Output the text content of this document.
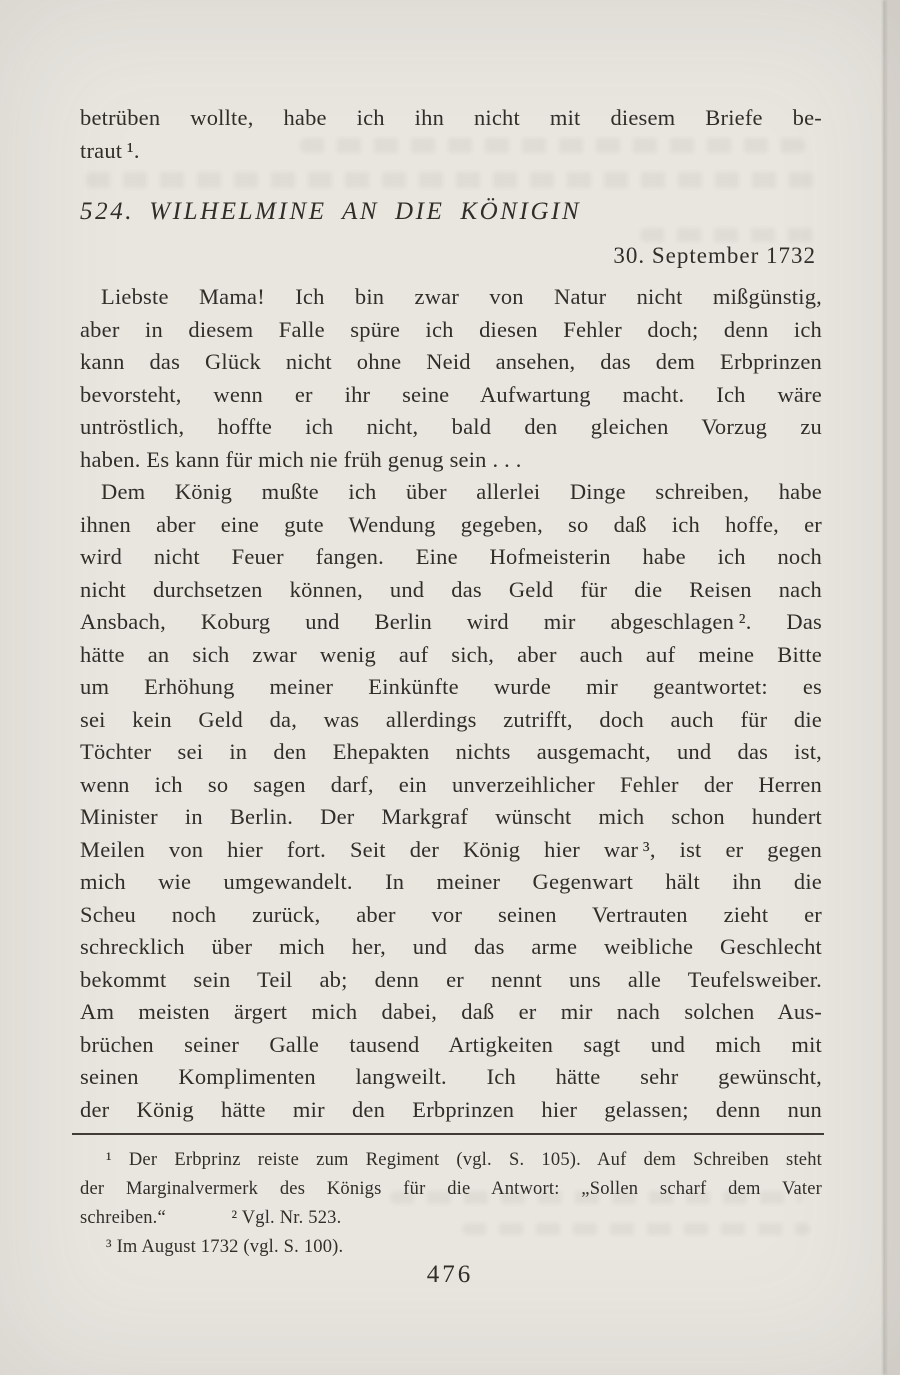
betrüben wollte, habe ich ihn nicht mit diesem Briefe be-
traut ¹.
524. WILHELMINE AN DIE KÖNIGIN
30. September 1732
Liebste Mama! Ich bin zwar von Natur nicht mißgünstig,
aber in diesem Falle spüre ich diesen Fehler doch; denn ich
kann das Glück nicht ohne Neid ansehen, das dem Erbprinzen
bevorsteht, wenn er ihr seine Aufwartung macht. Ich wäre
untröstlich, hoffte ich nicht, bald den gleichen Vorzug zu
haben. Es kann für mich nie früh genug sein . . .
Dem König mußte ich über allerlei Dinge schreiben, habe
ihnen aber eine gute Wendung gegeben, so daß ich hoffe, er
wird nicht Feuer fangen. Eine Hofmeisterin habe ich noch
nicht durchsetzen können, und das Geld für die Reisen nach
Ansbach, Koburg und Berlin wird mir abgeschlagen ². Das
hätte an sich zwar wenig auf sich, aber auch auf meine Bitte
um Erhöhung meiner Einkünfte wurde mir geantwortet: es
sei kein Geld da, was allerdings zutrifft, doch auch für die
Töchter sei in den Ehepakten nichts ausgemacht, und das ist,
wenn ich so sagen darf, ein unverzeihlicher Fehler der Herren
Minister in Berlin. Der Markgraf wünscht mich schon hundert
Meilen von hier fort. Seit der König hier war ³, ist er gegen
mich wie umgewandelt. In meiner Gegenwart hält ihn die
Scheu noch zurück, aber vor seinen Vertrauten zieht er
schrecklich über mich her, und das arme weibliche Geschlecht
bekommt sein Teil ab; denn er nennt uns alle Teufelsweiber.
Am meisten ärgert mich dabei, daß er mir nach solchen Aus-
brüchen seiner Galle tausend Artigkeiten sagt und mich mit
seinen Komplimenten langweilt. Ich hätte sehr gewünscht,
der König hätte mir den Erbprinzen hier gelassen; denn nun
¹ Der Erbprinz reiste zum Regiment (vgl. S. 105). Auf dem Schreiben steht
der Marginalvermerk des Königs für die Antwort: „Sollen scharf dem Vater
schreiben.“    ² Vgl. Nr. 523.
³ Im August 1732 (vgl. S. 100).
476
